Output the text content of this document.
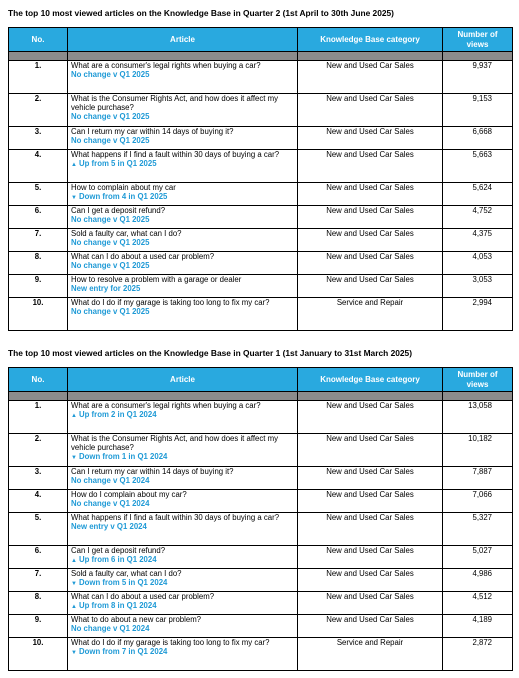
The top 10 most viewed articles on the Knowledge Base in Quarter 2 (1st April to 30th June 2025)
No.	Article	Knowledge Base category	Number of views

1.	What are a consumer's legal rights when buying a car?
No change v Q1 2025	New and Used Car Sales	9,937
2.	What is the Consumer Rights Act, and how does it affect my vehicle purchase?
No change v Q1 2025	New and Used Car Sales	9,153
3.	Can I return my car within 14 days of buying it?
No change v Q1 2025	New and Used Car Sales	6,668
4.	What happens if I find a fault within 30 days of buying a car?
▲ Up from 5 in Q1 2025	New and Used Car Sales	5,663
5.	How to complain about my car
▼ Down from 4 in Q1 2025	New and Used Car Sales	5,624
6.	Can I get a deposit refund?
No change v Q1 2025	New and Used Car Sales	4,752
7.	Sold a faulty car, what can I do?
No change v Q1 2025	New and Used Car Sales	4,375
8.	What can I do about a used car problem?
No change v Q1 2025	New and Used Car Sales	4,053
9.	How to resolve a problem with a garage or dealer
New entry for 2025	New and Used Car Sales	3,053
10.	What do I do if my garage is taking too long to fix my car?
No change v Q1 2025	Service and Repair	2,994
The top 10 most viewed articles on the Knowledge Base in Quarter 1 (1st January to 31st March 2025)
No.	Article	Knowledge Base category	Number of views

1.	What are a consumer's legal rights when buying a car?
▲ Up from 2 in Q1 2024	New and Used Car Sales	13,058
2.	What is the Consumer Rights Act, and how does it affect my vehicle purchase?
▼ Down from 1 in Q1 2024	New and Used Car Sales	10,182
3.	Can I return my car within 14 days of buying it?
No change v Q1 2024	New and Used Car Sales	7,887
4.	How do I complain about my car?
No change v Q1 2024	New and Used Car Sales	7,066
5.	What happens if I find a fault within 30 days of buying a car?
New entry v Q1 2024	New and Used Car Sales	5,327
6.	Can I get a deposit refund?
▲ Up from 6 in Q1 2024	New and Used Car Sales	5,027
7.	Sold a faulty car, what can I do?
▼ Down from 5 in Q1 2024	New and Used Car Sales	4,986
8.	What can I do about a used car problem?
▲ Up from 8 in Q1 2024	New and Used Car Sales	4,512
9.	What to do about a new car problem?
No change v Q1 2024	New and Used Car Sales	4,189
10.	What do I do if my garage is taking too long to fix my car?
▼ Down from 7 in Q1 2024	Service and Repair	2,872
